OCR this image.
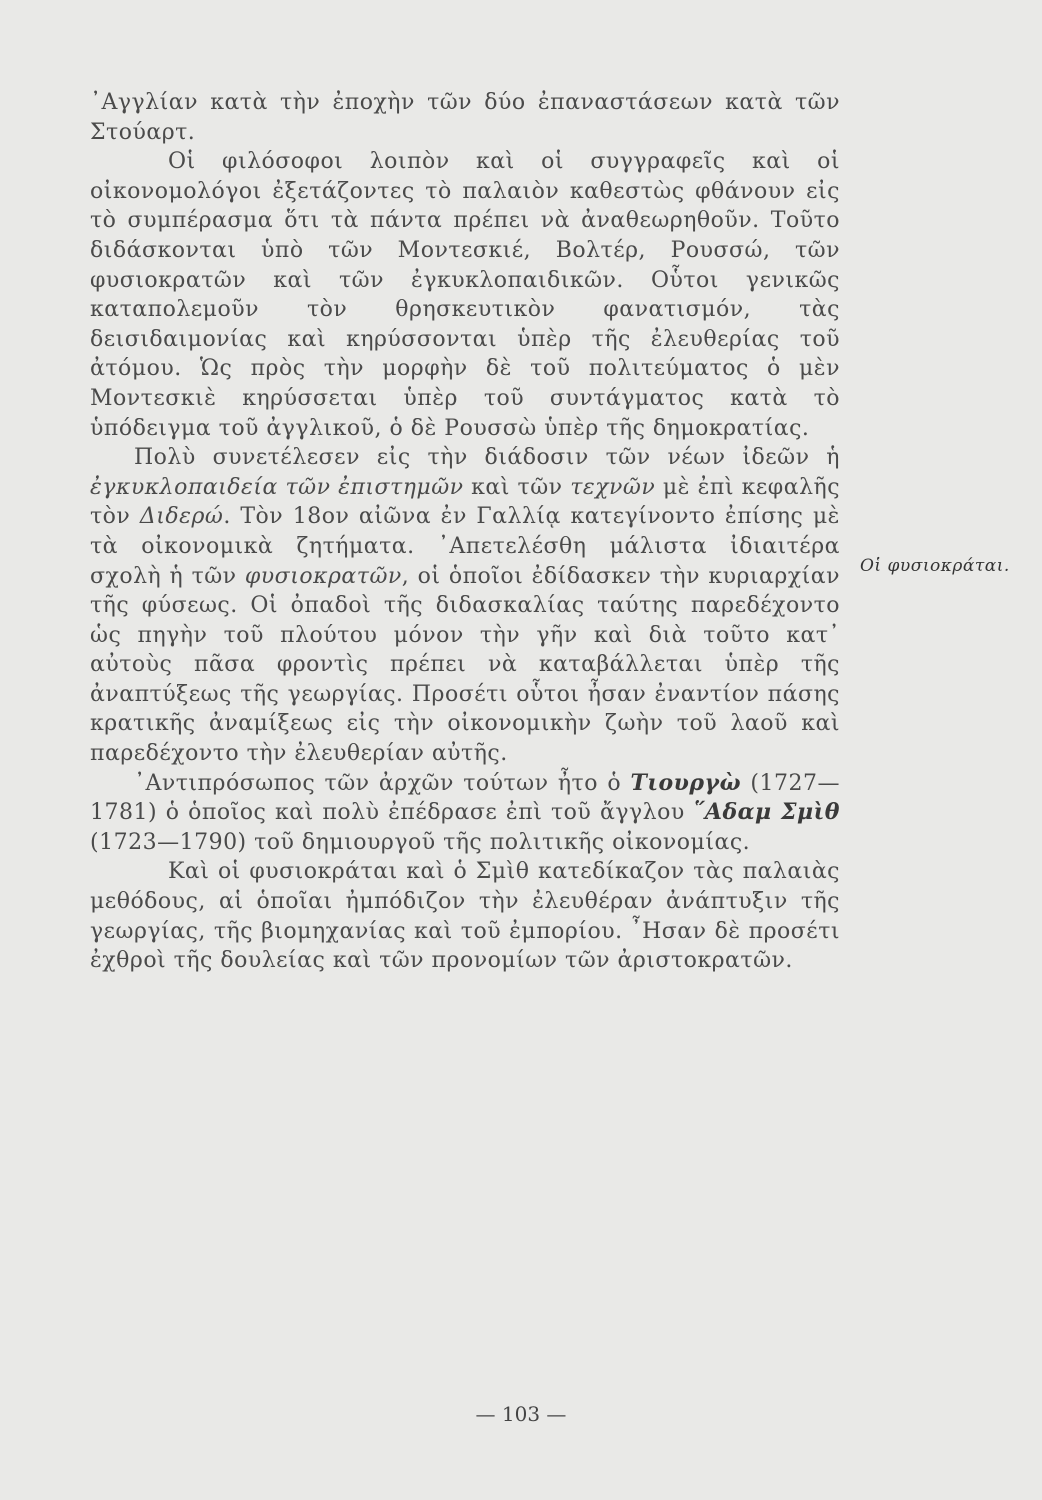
᾿Αγγλίαν κατὰ τὴν ἐποχὴν τῶν δύο ἐπαναστάσεων κατὰ τῶν Στούαρτ.

Οἱ φιλόσοφοι λοιπὸν καὶ οἱ συγγραφεῖς καὶ οἱ οἰκονομολόγοι ἐξετάζοντες τὸ παλαιὸν καθεστὼς φθάνουν εἰς τὸ συμπέρασμα ὅτι τὰ πάντα πρέπει νὰ ἀναθεωρηθοῦν. Τοῦτο διδάσκονται ὑπὸ τῶν Μοντεσκιέ, Βολτέρ, Ρουσσώ, τῶν φυσιοκρατῶν καὶ τῶν ἐγκυκλοπαιδικῶν. Οὗτοι γενικῶς καταπολεμοῦν τὸν θρησκευτικὸν φανατισμόν, τὰς δεισιδαιμονίας καὶ κηρύσσονται ὑπὲρ τῆς ἐλευθερίας τοῦ ἀτόμου. Ὡς πρὸς τὴν μορφὴν δὲ τοῦ πολιτεύματος ὁ μὲν Μοντεσκιὲ κηρύσσεται ὑπὲρ τοῦ συντάγματος κατὰ τὸ ὑπόδειγμα τοῦ ἀγγλικοῦ, ὁ δὲ Ρουσσὼ ὑπὲρ τῆς δημοκρατίας.

Πολὺ συνετέλεσεν εἰς τὴν διάδοσιν τῶν νέων ἰδεῶν ἡ ἐγκυκλοπαιδεία τῶν ἐπιστημῶν καὶ τῶν τεχνῶν μὲ ἐπὶ κεφαλῆς τὸν Διδερώ. Τὸν 18ον αἰῶνα ἐν Γαλλίᾳ κατεγίνοντο ἐπίσης μὲ τὰ οἰκονομικὰ ζητήματα. ᾿Απετελέσθη μάλιστα ἰδιαιτέρα σχολὴ ἡ τῶν φυσιοκρατῶν, οἱ ὁποῖοι ἐδίδασκεν τὴν κυριαρχίαν τῆς φύσεως. Οἱ ὀπαδοὶ τῆς διδασκαλίας ταύτης παρεδέχοντο ὡς πηγὴν τοῦ πλούτου μόνον τὴν γῆν καὶ διὰ τοῦτο κατ᾿ αὐτοὺς πᾶσα φροντὶς πρέπει νὰ καταβάλλεται ὑπὲρ τῆς ἀναπτύξεως τῆς γεωργίας. Προσέτι οὗτοι ἦσαν ἐναντίον πάσης κρατικῆς ἀναμίξεως εἰς τὴν οἰκονομικὴν ζωὴν τοῦ λαοῦ καὶ παρεδέχοντο τὴν ἐλευθερίαν αὐτῆς.

᾿Αντιπρόσωπος τῶν ἀρχῶν τούτων ἦτο ὁ Τιουργὼ (1727—1781) ὁ ὁποῖος καὶ πολὺ ἐπέδρασε ἐπὶ τοῦ ἄγγλου ῞Αδαμ Σμὶθ (1723—1790) τοῦ δημιουργοῦ τῆς πολιτικῆς οἰκονομίας.

Καὶ οἱ φυσιοκράται καὶ ὁ Σμὶθ κατεδίκαζον τὰς παλαιὰς μεθόδους, αἱ ὁποῖαι ἠμπόδιζον τὴν ἐλευθέραν ἀνάπτυξιν τῆς γεωργίας, τῆς βιομηχανίας καὶ τοῦ ἐμπορίου. ῏Ησαν δὲ προσέτι ἐχθροὶ τῆς δουλείας καὶ τῶν προνομίων τῶν ἀριστοκρατῶν.

Οἱ φυσιοκράται.
— 103 —
